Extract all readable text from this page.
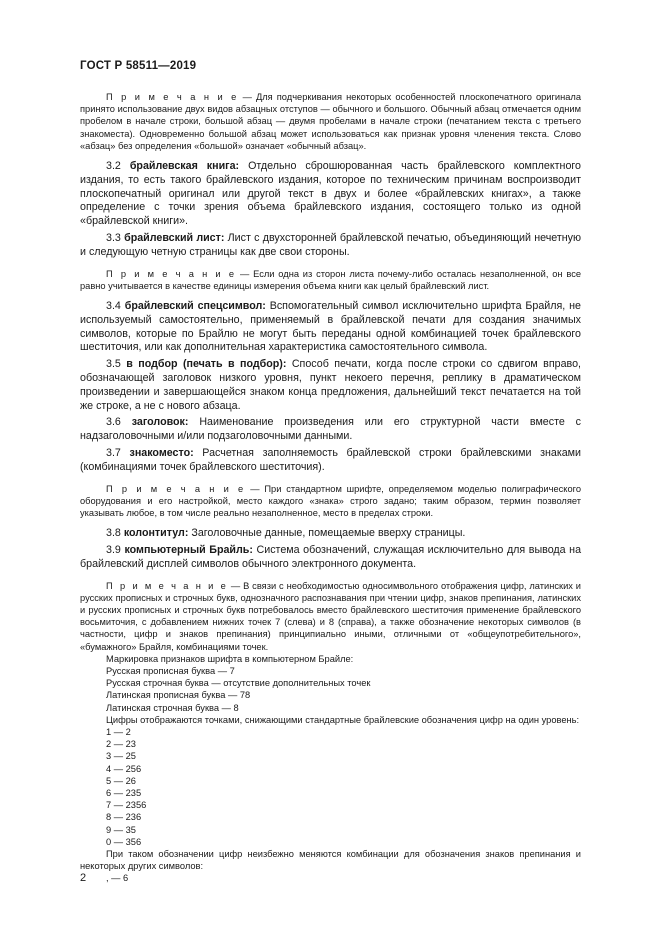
ГОСТ Р 58511—2019

П р и м е ч а н и е — Для подчеркивания некоторых особенностей плоскопечатного оригинала принято использование двух видов абзацных отступов — обычного и большого. Обычный абзац отмечается одним пробелом в начале строки, большой абзац — двумя пробелами в начале строки (печатанием текста с третьего знакоместа). Одновременно большой абзац может использоваться как признак уровня членения текста. Слово «абзац» без определения «большой» означает «обычный абзац».

3.2 брайлевская книга: Отдельно сброшюрованная часть брайлевского комплектного издания, то есть такого брайлевского издания, которое по техническим причинам воспроизводит плоскопечатный оригинал или другой текст в двух и более «брайлевских книгах», а также определение с точки зрения объема брайлевского издания, состоящего только из одной «брайлевской книги».

3.3 брайлевский лист: Лист с двухсторонней брайлевской печатью, объединяющий нечетную и следующую четную страницы как две свои стороны.

П р и м е ч а н и е — Если одна из сторон листа почему-либо осталась незаполненной, он все равно учитывается в качестве единицы измерения объема книги как целый брайлевский лист.

3.4 брайлевский спецсимвол: Вспомогательный символ исключительно шрифта Брайля, не используемый самостоятельно, применяемый в брайлевской печати для создания значимых символов, которые по Брайлю не могут быть переданы одной комбинацией точек брайлевского шеститочия, или как дополнительная характеристика самостоятельного символа.

3.5 в подбор (печать в подбор): Способ печати, когда после строки со сдвигом вправо, обозначающей заголовок низкого уровня, пункт некоего перечня, реплику в драматическом произведении и завершающейся знаком конца предложения, дальнейший текст печатается на той же строке, а не с нового абзаца.

3.6 заголовок: Наименование произведения или его структурной части вместе с надзаголовочными и/или подзаголовочными данными.

3.7 знакоместо: Расчетная заполняемость брайлевской строки брайлевскими знаками (комбинациями точек брайлевского шеститочия).

П р и м е ч а н и е — При стандартном шрифте, определяемом моделью полиграфического оборудования и его настройкой, место каждого «знака» строго задано; таким образом, термин позволяет указывать любое, в том числе реально незаполненное, место в пределах строки.

3.8 колонтитул: Заголовочные данные, помещаемые вверху страницы.

3.9 компьютерный Брайль: Система обозначений, служащая исключительно для вывода на брайлевский дисплей символов обычного электронного документа.

П р и м е ч а н и е — В связи с необходимостью односимвольного отображения цифр, латинских и русских прописных и строчных букв, однозначного распознавания при чтении цифр, знаков препинания, латинских и русских прописных и строчных букв потребовалось вместо брайлевского шеститочия применение брайлевского восьмиточия, с добавлением нижних точек 7 (слева) и 8 (справа), а также обозначение некоторых символов (в частности, цифр и знаков препинания) принципиально иными, отличными от «общеупотребительного», «бумажного» Брайля, комбинациями точек.

Маркировка признаков шрифта в компьютерном Брайле:

Русская прописная буква — 7

Русская строчная буква — отсутствие дополнительных точек

Латинская прописная буква — 78

Латинская строчная буква — 8

Цифры отображаются точками, снижающими стандартные брайлевские обозначения цифр на один уровень:

1 — 2

2 — 23

3 — 25

4 — 256

5 — 26

6 — 235

7 — 2356

8 — 236

9 — 35

0 — 356

При таком обозначении цифр неизбежно меняются комбинации для обозначения знаков препинания и некоторых других символов:

, — 6

2
